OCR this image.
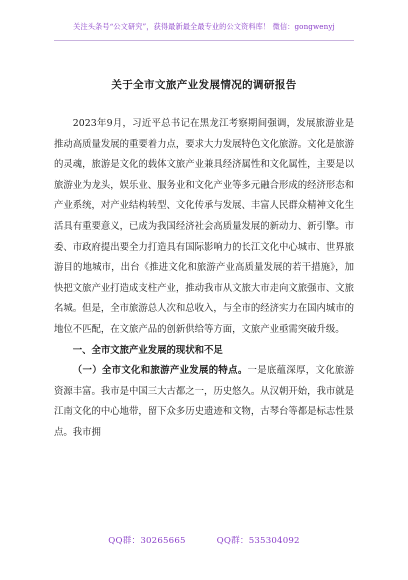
关注头条号“公文研究”，获得最新最全最专业的公文资料库！ 微信：gongwenyj
关于全市文旅产业发展情况的调研报告

2023年9月，习近平总书记在黑龙江考察期间强调，发展旅游业是推动高质量发展的重要着力点，要求大力发展特色文化旅游。文化是旅游的灵魂，旅游是文化的载体文旅产业兼具经济属性和文化属性，主要是以旅游业为龙头，娱乐业、服务业和文化产业等多元融合形成的经济形态和产业系统，对产业结构转型、文化传承与发展、丰富人民群众精神文化生活具有重要意义，已成为我国经济社会高质量发展的新动力、新引擎。市委、市政府提出要全力打造具有国际影响力的长江文化中心城市、世界旅游目的地城市，出台《推进文化和旅游产业高质量发展的若干措施》，加快把文旅产业打造成支柱产业，推动我市从文旅大市走向文旅强市、文旅名城。但是，全市旅游总人次和总收入，与全市的经济实力在国内城市的地位不匹配，在文旅产品的创新供给等方面，文旅产业亟需突破升级。

一、全市文旅产业发展的现状和不足

（一）全市文化和旅游产业发展的特点。一是底蕴深厚，文化旅游资源丰富。我市是中国三大古都之一，历史悠久。从汉朝开始，我市就是江南文化的中心地带，留下众多历史遗迹和文物，古琴台等都是标志性景点。我市拥

QQ群：30265665	QQ群：535304092
